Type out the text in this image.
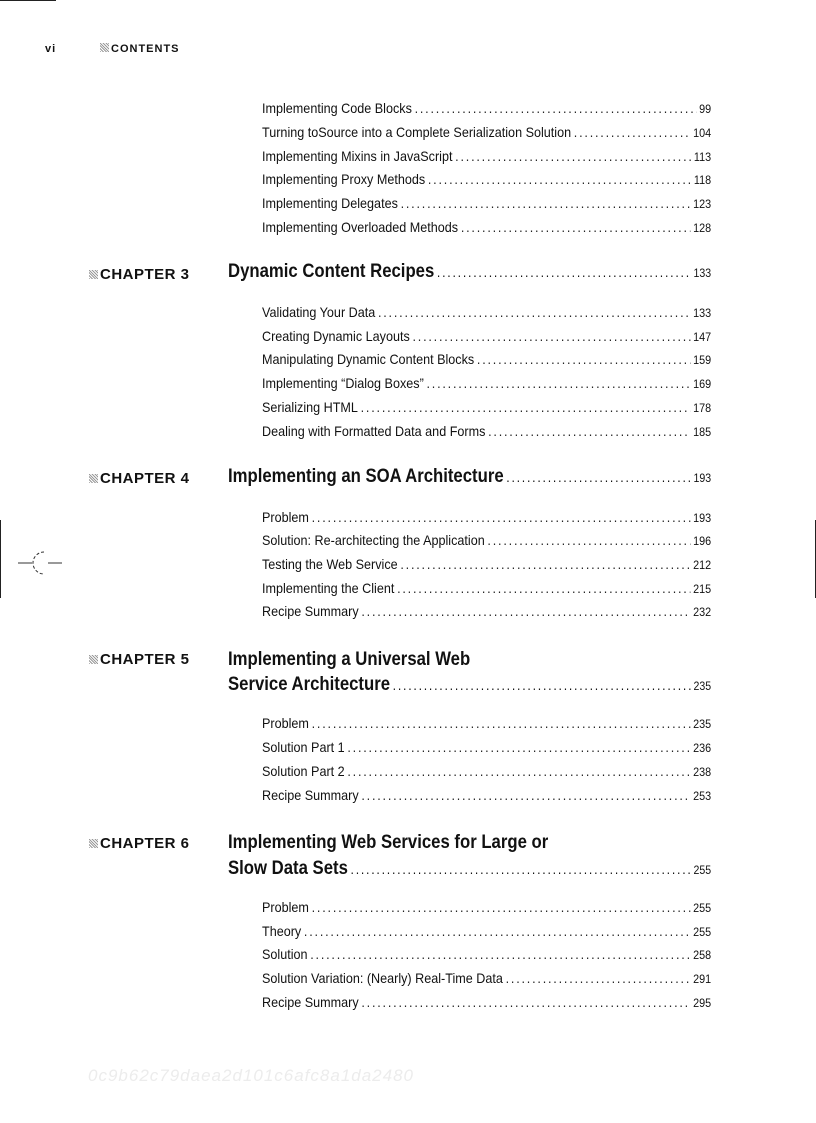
vi	CONTENTS
Implementing Code Blocks .....	99
Turning toSource into a Complete Serialization Solution .....	104
Implementing Mixins in JavaScript .....	113
Implementing Proxy Methods .....	118
Implementing Delegates .....	123
Implementing Overloaded Methods .....	128
CHAPTER 3 Dynamic Content Recipes .....	133
Validating Your Data .....	133
Creating Dynamic Layouts .....	147
Manipulating Dynamic Content Blocks .....	159
Implementing “Dialog Boxes” .....	169
Serializing HTML .....	178
Dealing with Formatted Data and Forms .....	185
CHAPTER 4 Implementing an SOA Architecture .....	193
Problem .....	193
Solution: Re-architecting the Application .....	196
Testing the Web Service .....	212
Implementing the Client .....	215
Recipe Summary .....	232
CHAPTER 5 Implementing a Universal Web
Service Architecture .....	235
Problem .....	235
Solution Part 1 .....	236
Solution Part 2 .....	238
Recipe Summary .....	253
CHAPTER 6 Implementing Web Services for Large or
Slow Data Sets .....	255
Problem .....	255
Theory .....	255
Solution .....	258
Solution Variation: (Nearly) Real-Time Data .....	291
Recipe Summary .....	295
0c9b62c79daea2d101c6afc8a1da2480
